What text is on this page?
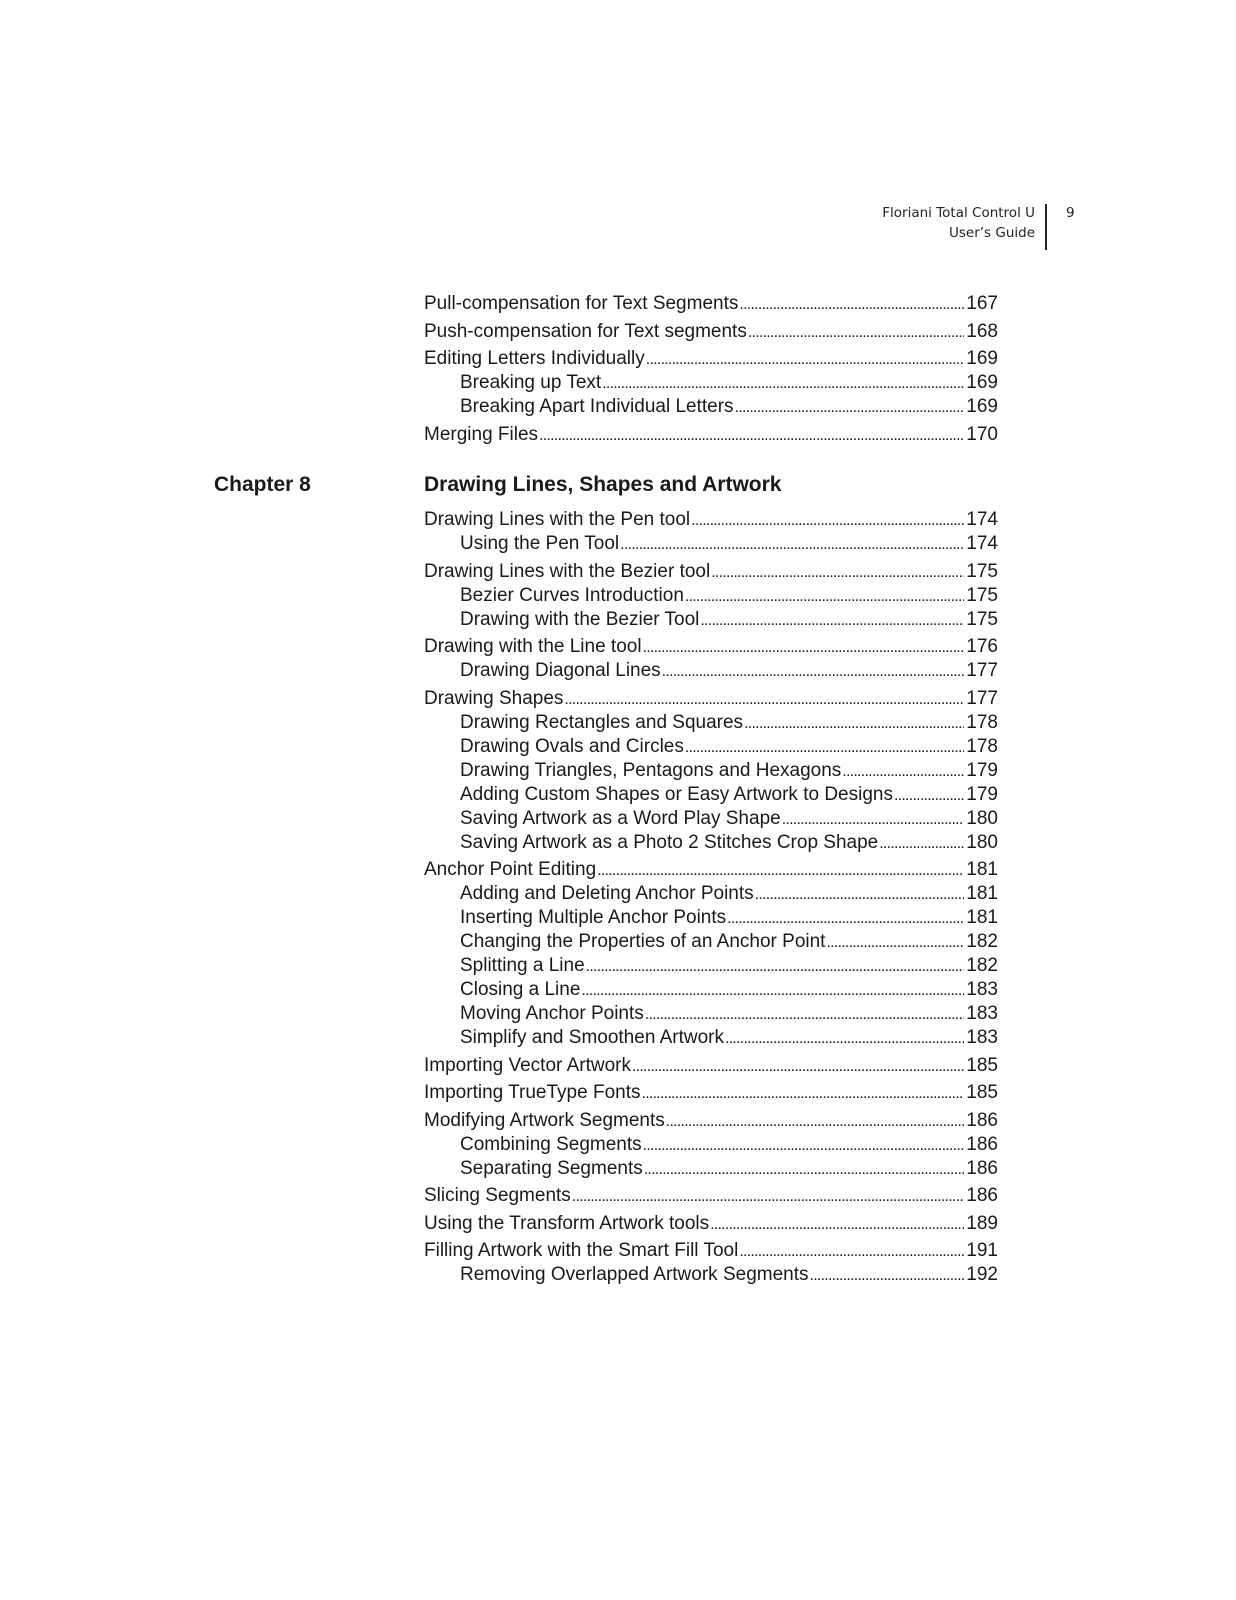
Floriani Total Control U
User’s Guide
9
Pull-compensation for Text Segments . . .	167
Push-compensation for Text segments . . .	168
Editing Letters Individually . . .	169
Breaking up Text . . .	169
Breaking Apart Individual Letters . . .	169
Merging Files . . .	170
Chapter 8	Drawing Lines, Shapes and Artwork
Drawing Lines with the Pen tool . . .	174
Using the Pen Tool . . .	174
Drawing Lines with the Bezier tool . . .	175
Bezier Curves Introduction . . .	175
Drawing with the Bezier Tool . . .	175
Drawing with the Line tool . . .	176
Drawing Diagonal Lines . . .	177
Drawing Shapes . . .	177
Drawing Rectangles and Squares . . .	178
Drawing Ovals and Circles . . .	178
Drawing Triangles, Pentagons and Hexagons . . .	179
Adding Custom Shapes or Easy Artwork to Designs . . .	179
Saving Artwork as a Word Play Shape . . .	180
Saving Artwork as a Photo 2 Stitches Crop Shape . . .	180
Anchor Point Editing . . .	181
Adding and Deleting Anchor Points . . .	181
Inserting Multiple Anchor Points . . .	181
Changing the Properties of an Anchor Point . . .	182
Splitting a Line . . .	182
Closing a Line . . .	183
Moving Anchor Points . . .	183
Simplify and Smoothen Artwork . . .	183
Importing Vector Artwork . . .	185
Importing TrueType Fonts . . .	185
Modifying Artwork Segments . . .	186
Combining Segments . . .	186
Separating Segments . . .	186
Slicing Segments . . .	186
Using the Transform Artwork tools . . .	189
Filling Artwork with the Smart Fill Tool . . .	191
Removing Overlapped Artwork Segments . . .	192
